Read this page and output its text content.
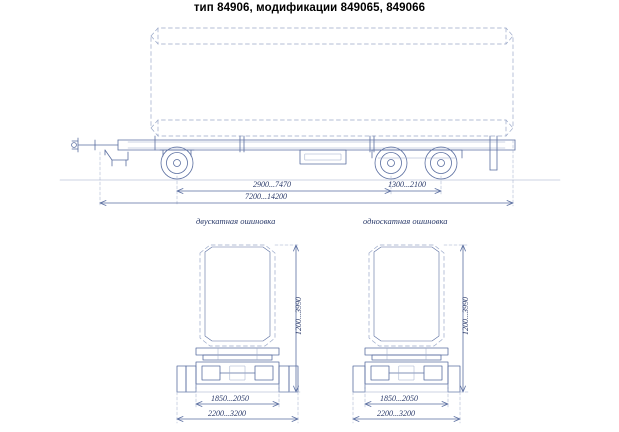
тип 84906, модификации 849065, 849066
2900...7470	1300...2100
7200...14200
двускатная ошиновка	односкатная ошиновка
1200...3990
1850...2050
2200...3200
1200...3990
1850...2050
2200...3200
